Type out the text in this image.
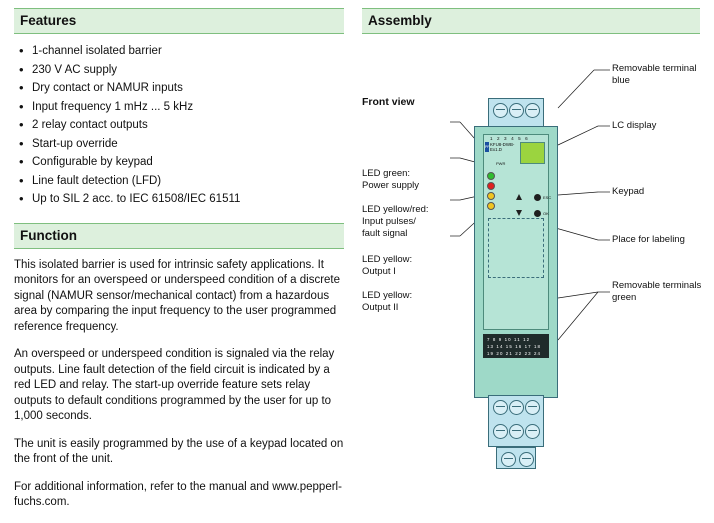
Features
• 1-channel isolated barrier
• 230 V AC supply
• Dry contact or NAMUR inputs
• Input frequency 1 mHz ... 5 kHz
• 2 relay contact outputs
• Start-up override
• Configurable by keypad
• Line fault detection (LFD)
• Up to SIL 2 acc. to IEC 61508/IEC 61511
Function

This isolated barrier is used for intrinsic safety applications. It monitors for an overspeed or underspeed condition of a discrete signal (NAMUR sensor/mechanical contact) from a hazardous area by comparing the input frequency to the user programmed reference frequency.

An overspeed or underspeed condition is signaled via the relay outputs. Line fault detection of the field circuit is indicated by a red LED and relay. The start-up override feature sets relay outputs to default conditions programmed by the user for up to 1,000 seconds.

The unit is easily programmed by the use of a keypad located on the front of the unit.

For additional information, refer to the manual and www.pepperl-fuchs.com.

Assembly
Front view
1 2 3 4 5 6
PF KFU8-DWB-
Ex1.D
PWR
ESC
OK
7 8 9 10 11 12
13 14 15 16 17 18
19 20 21 22 23 24
LED green:
Power supply
LED yellow/red:
Input pulses/
fault signal
LED yellow:
Output I
LED yellow:
Output II
Removable terminal
blue
LC display
Keypad
Place for labeling
Removable terminals
green
